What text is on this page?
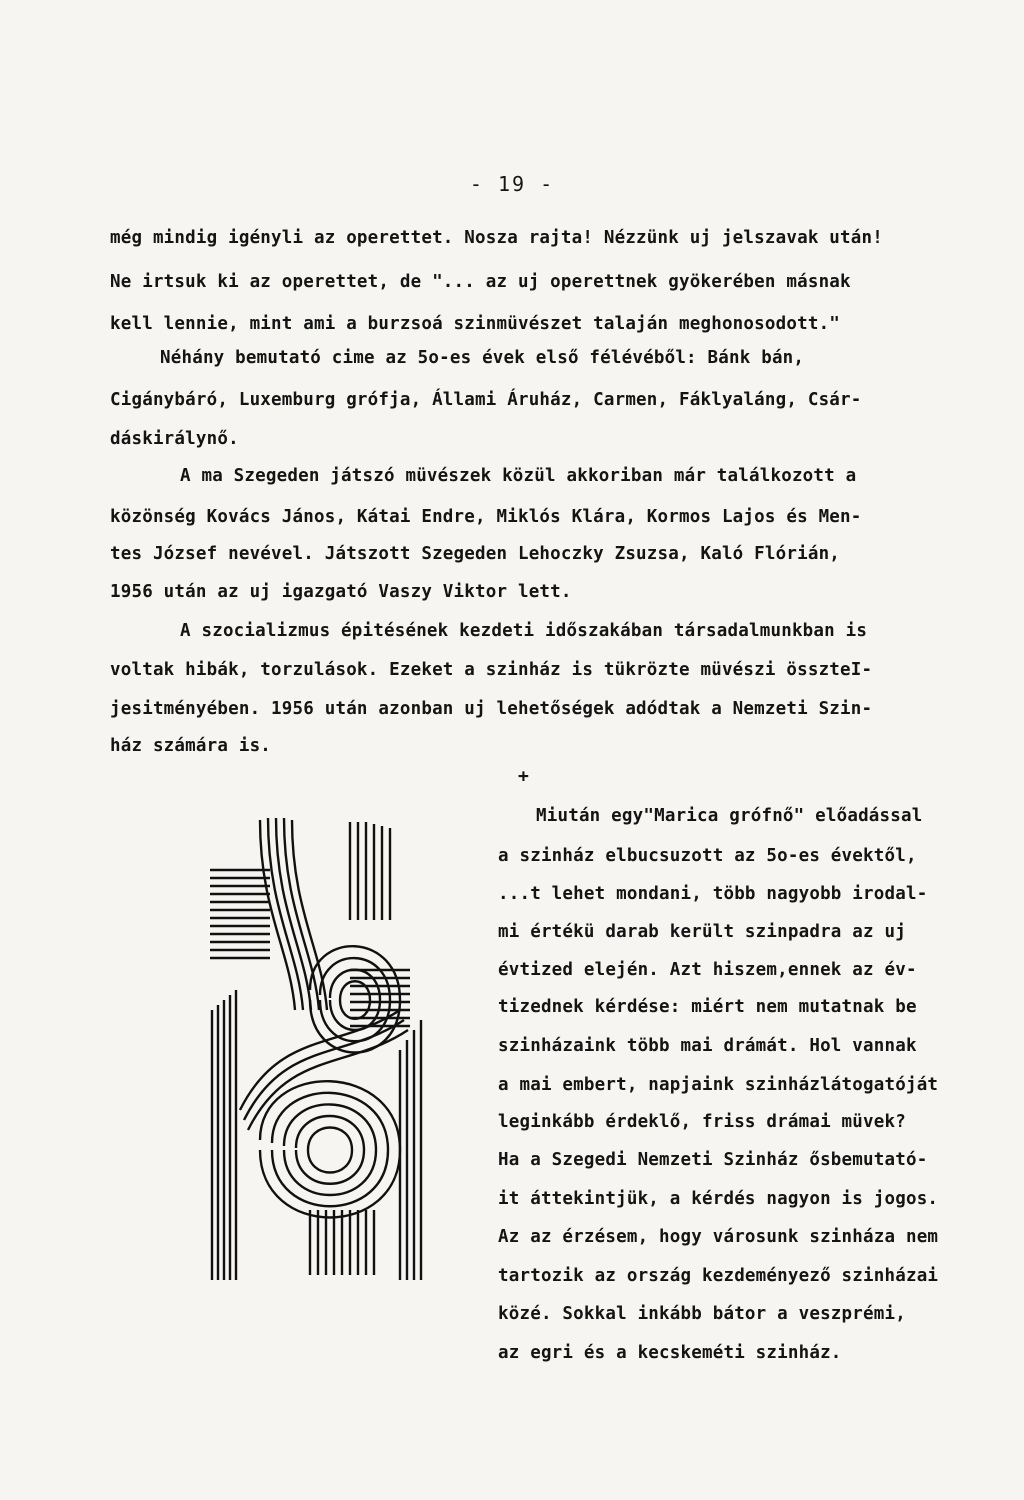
- 19 -
még mindig igényli az operettet. Nosza rajta! Nézzünk uj jelszavak után!
Ne irtsuk ki az operettet, de "... az uj operettnek gyökerében másnak
kell lennie, mint ami a burzsoá szinmüvészet talaján meghonosodott."
Néhány bemutató cime az 5o-es évek első félévéből: Bánk bán,
Cigánybáró, Luxemburg grófja, Állami Áruház, Carmen, Fáklyaláng, Csár-
dáskirálynő.
A ma Szegeden játszó müvészek közül akkoriban már találkozott a
közönség Kovács János, Kátai Endre, Miklós Klára, Kormos Lajos és Men-
tes József nevével. Játszott Szegeden Lehoczky Zsuzsa, Kaló Flórián,
1956 után az uj igazgató Vaszy Viktor lett.
A szocializmus épitésének kezdeti időszakában társadalmunkban is
voltak hibák, torzulások. Ezeket a szinház is tükrözte müvészi összteI-
jesitményében. 1956 után azonban uj lehetőségek adódtak a Nemzeti Szin-
ház számára is.
+
Miután egy"Marica grófnő" előadással
a szinház elbucsuzott az 5o-es évektől,
...t lehet mondani, több nagyobb irodal-
mi értékü darab került szinpadra az uj
évtized elején. Azt hiszem,ennek az év-
tizednek kérdése: miért nem mutatnak be
szinházaink több mai drámát. Hol vannak
a mai embert, napjaink szinházlátogatóját
leginkább érdeklő, friss drámai müvek?
Ha a Szegedi Nemzeti Szinház ősbemutató-
it áttekintjük, a kérdés nagyon is jogos.
Az az érzésem, hogy városunk szinháza nem
tartozik az ország kezdeményező szinházai
közé. Sokkal inkább bátor a veszprémi,
az egri és a kecskeméti szinház.
